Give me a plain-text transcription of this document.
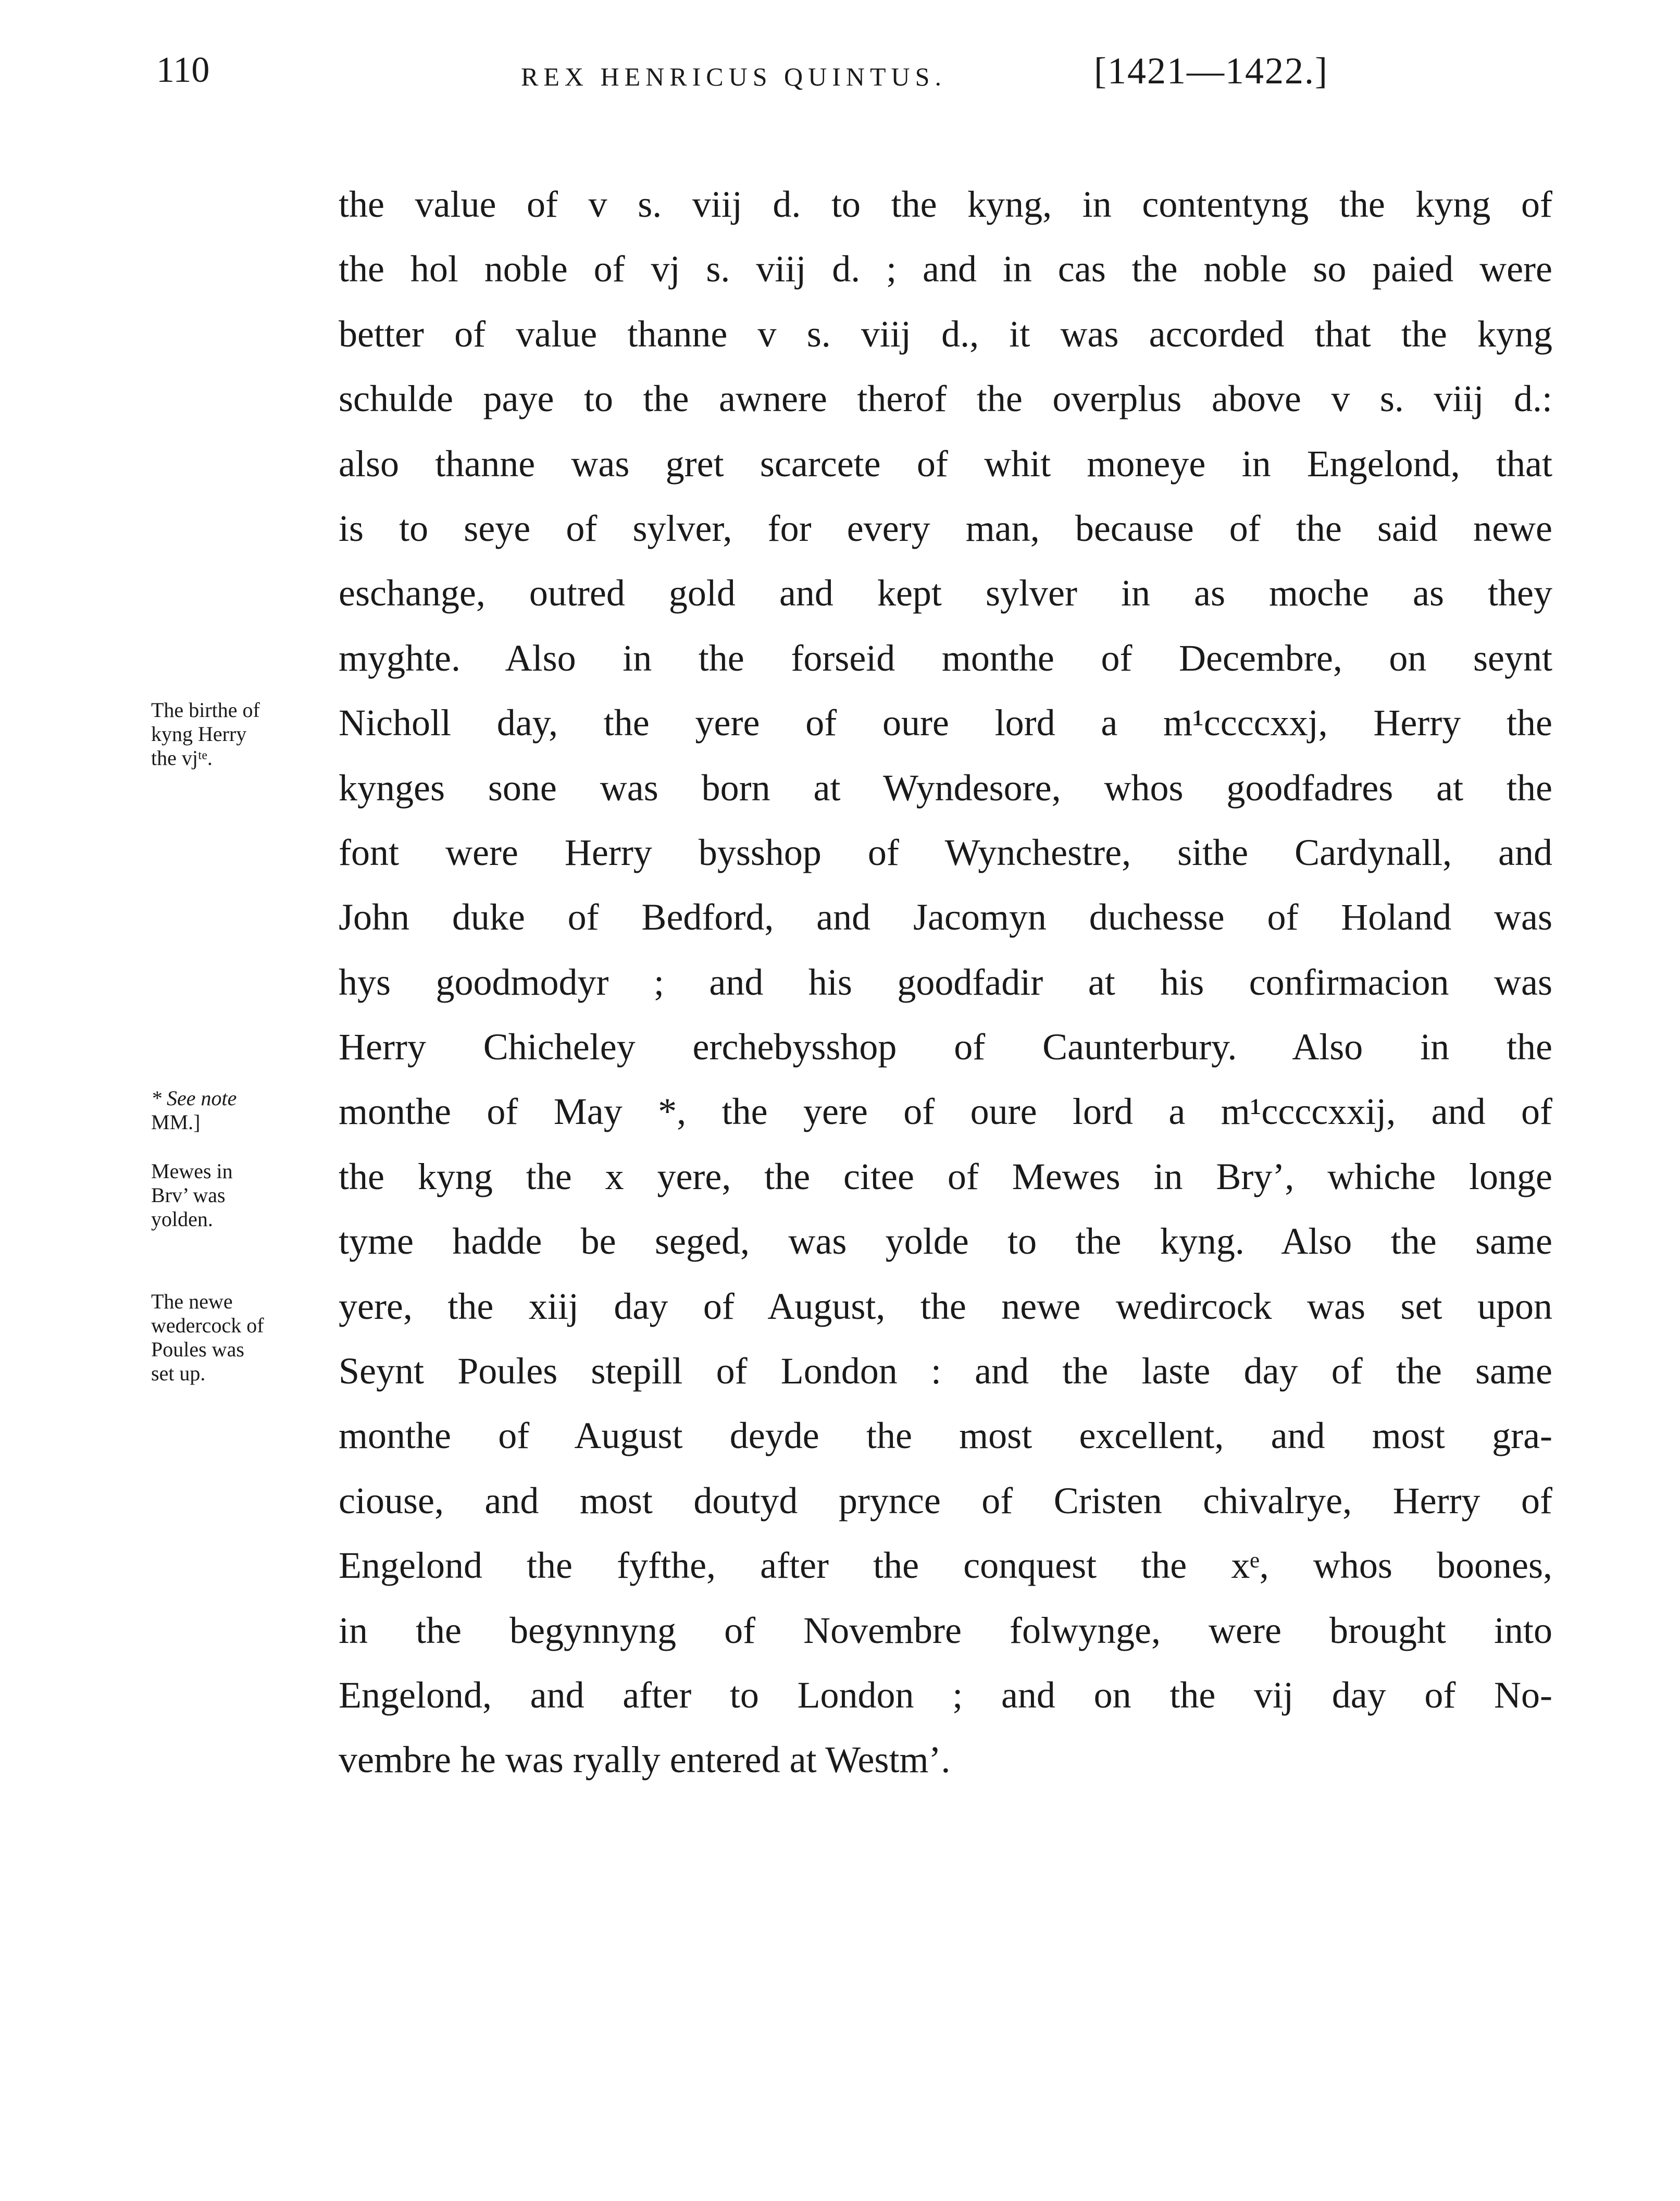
110	REX HENRICUS QUINTUS.	[1421—1422.]
the value of v s. viij d. to the kyng, in contentyng the kyng of
the hol noble of vj s. viij d. ; and in cas the noble so paied were
better of value thanne v s. viij d., it was accorded that the kyng
schulde paye to the awnere therof the overplus above v s. viij d.:
also thanne was gret scarcete of whit moneye in Engelond, that
is to seye of sylver, for every man, because of the said newe
eschange, outred gold and kept sylver in as moche as they
myghte. Also in the forseid monthe of Decembre, on seynt
Nicholl day, the yere of oure lord a m¹ccccxxj, Herry the
kynges sone was born at Wyndesore, whos goodfadres at the
font were Herry bysshop of Wynchestre, sithe Cardynall, and
John duke of Bedford, and Jacomyn duchesse of Holand was
hys goodmodyr ; and his goodfadir at his confirmacion was
Herry Chicheley erchebysshop of Caunterbury. Also in the
monthe of May *, the yere of oure lord a m¹ccccxxij, and of
the kyng the x yere, the citee of Mewes in Bry’, whiche longe
tyme hadde be seged, was yolde to the kyng. Also the same
yere, the xiij day of August, the newe wedircock was set upon
Seynt Poules stepill of London : and the laste day of the same
monthe of August deyde the most excellent, and most gra-
ciouse, and most doutyd prynce of Cristen chivalrye, Herry of
Engelond the fyfthe, after the conquest the xᵉ, whos boones,
in the begynnyng of Novembre folwynge, were brought into
Engelond, and after to London ; and on the vij day of No-
vembre he was ryally entered at Westm’.
The birthe of
kyng Herry
the vjᵗᵉ.
* See note
MM.]
Mewes in
Brv’ was
yolden.
The newe
wedercock of
Poules was
set up.
